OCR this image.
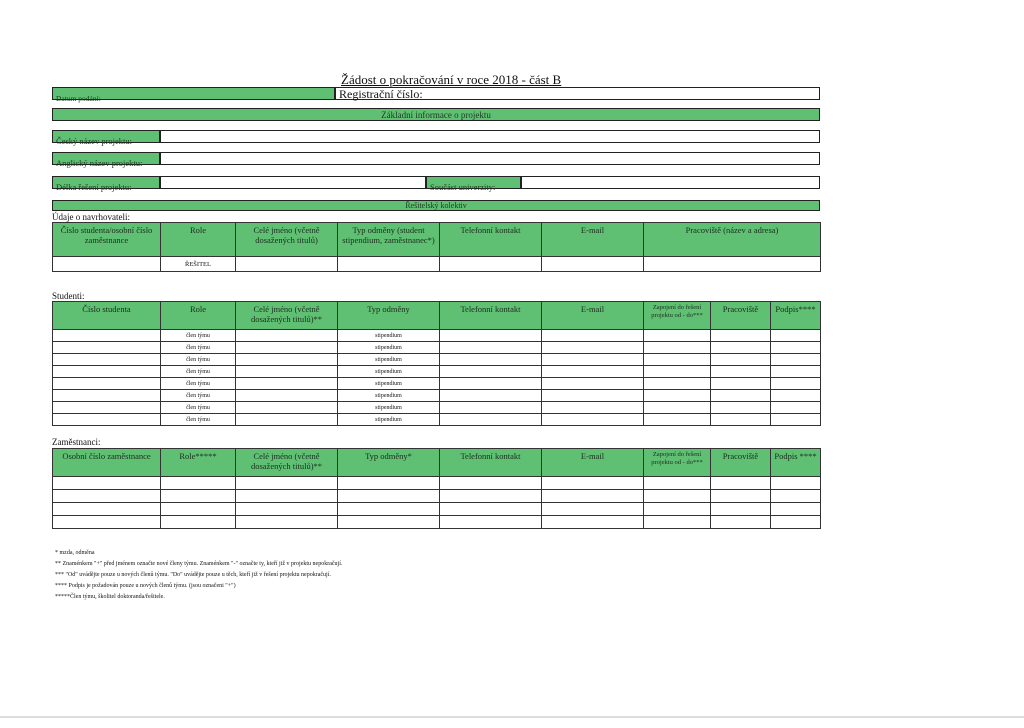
Žádost o pokračování v roce 2018 - část B
Datum podání:	Registrační číslo:
Základní informace o projektu
Český název projektu:
Anglický název projektu:
Délka řešení projektu:	Součást univerzity:
Řešitelský kolektiv
Údaje o navrhovateli:
Číslo studenta/osobní číslo zaměstnance	Role	Celé jméno (včetně dosažených titulů)	Typ odměny (student stipendium, zaměstnanec*)	Telefonní kontakt	E-mail	Pracoviště (název a adresa)
	ŘEŠITEL					
Studenti:
Číslo studenta	Role	Celé jméno (včetně dosažených titulů)**	Typ odměny	Telefonní kontakt	E-mail	Zapojení do řešení projektu od - do***	Pracoviště	Podpis****
	člen týmu		stipendium					
	člen týmu		stipendium					
	člen týmu		stipendium					
	člen týmu		stipendium					
	člen týmu		stipendium					
	člen týmu		stipendium					
	člen týmu		stipendium					
	člen týmu		stipendium					
Zaměstnanci:
Osobní číslo zaměstnance	Role*****	Celé jméno (včetně dosažených titulů)**	Typ odměny*	Telefonní kontakt	E-mail	Zapojení do řešení projektu od - do***	Pracoviště	Podpis ****

* mzda, odměna
** Znaménkem "+" před jménem označte nové členy týmu. Znaménkem "-" označte ty, kteří již v projektu nepokračují.
*** "Od" uvádějte pouze u nových členů týmu. "Do" uvádějte pouze u těch, kteří již v řešení projektu nepokračují.
**** Podpis je požadován pouze u nových členů týmu. (jsou označeni "+")
*****Člen týmu, školitel doktoranda/řešitele.
